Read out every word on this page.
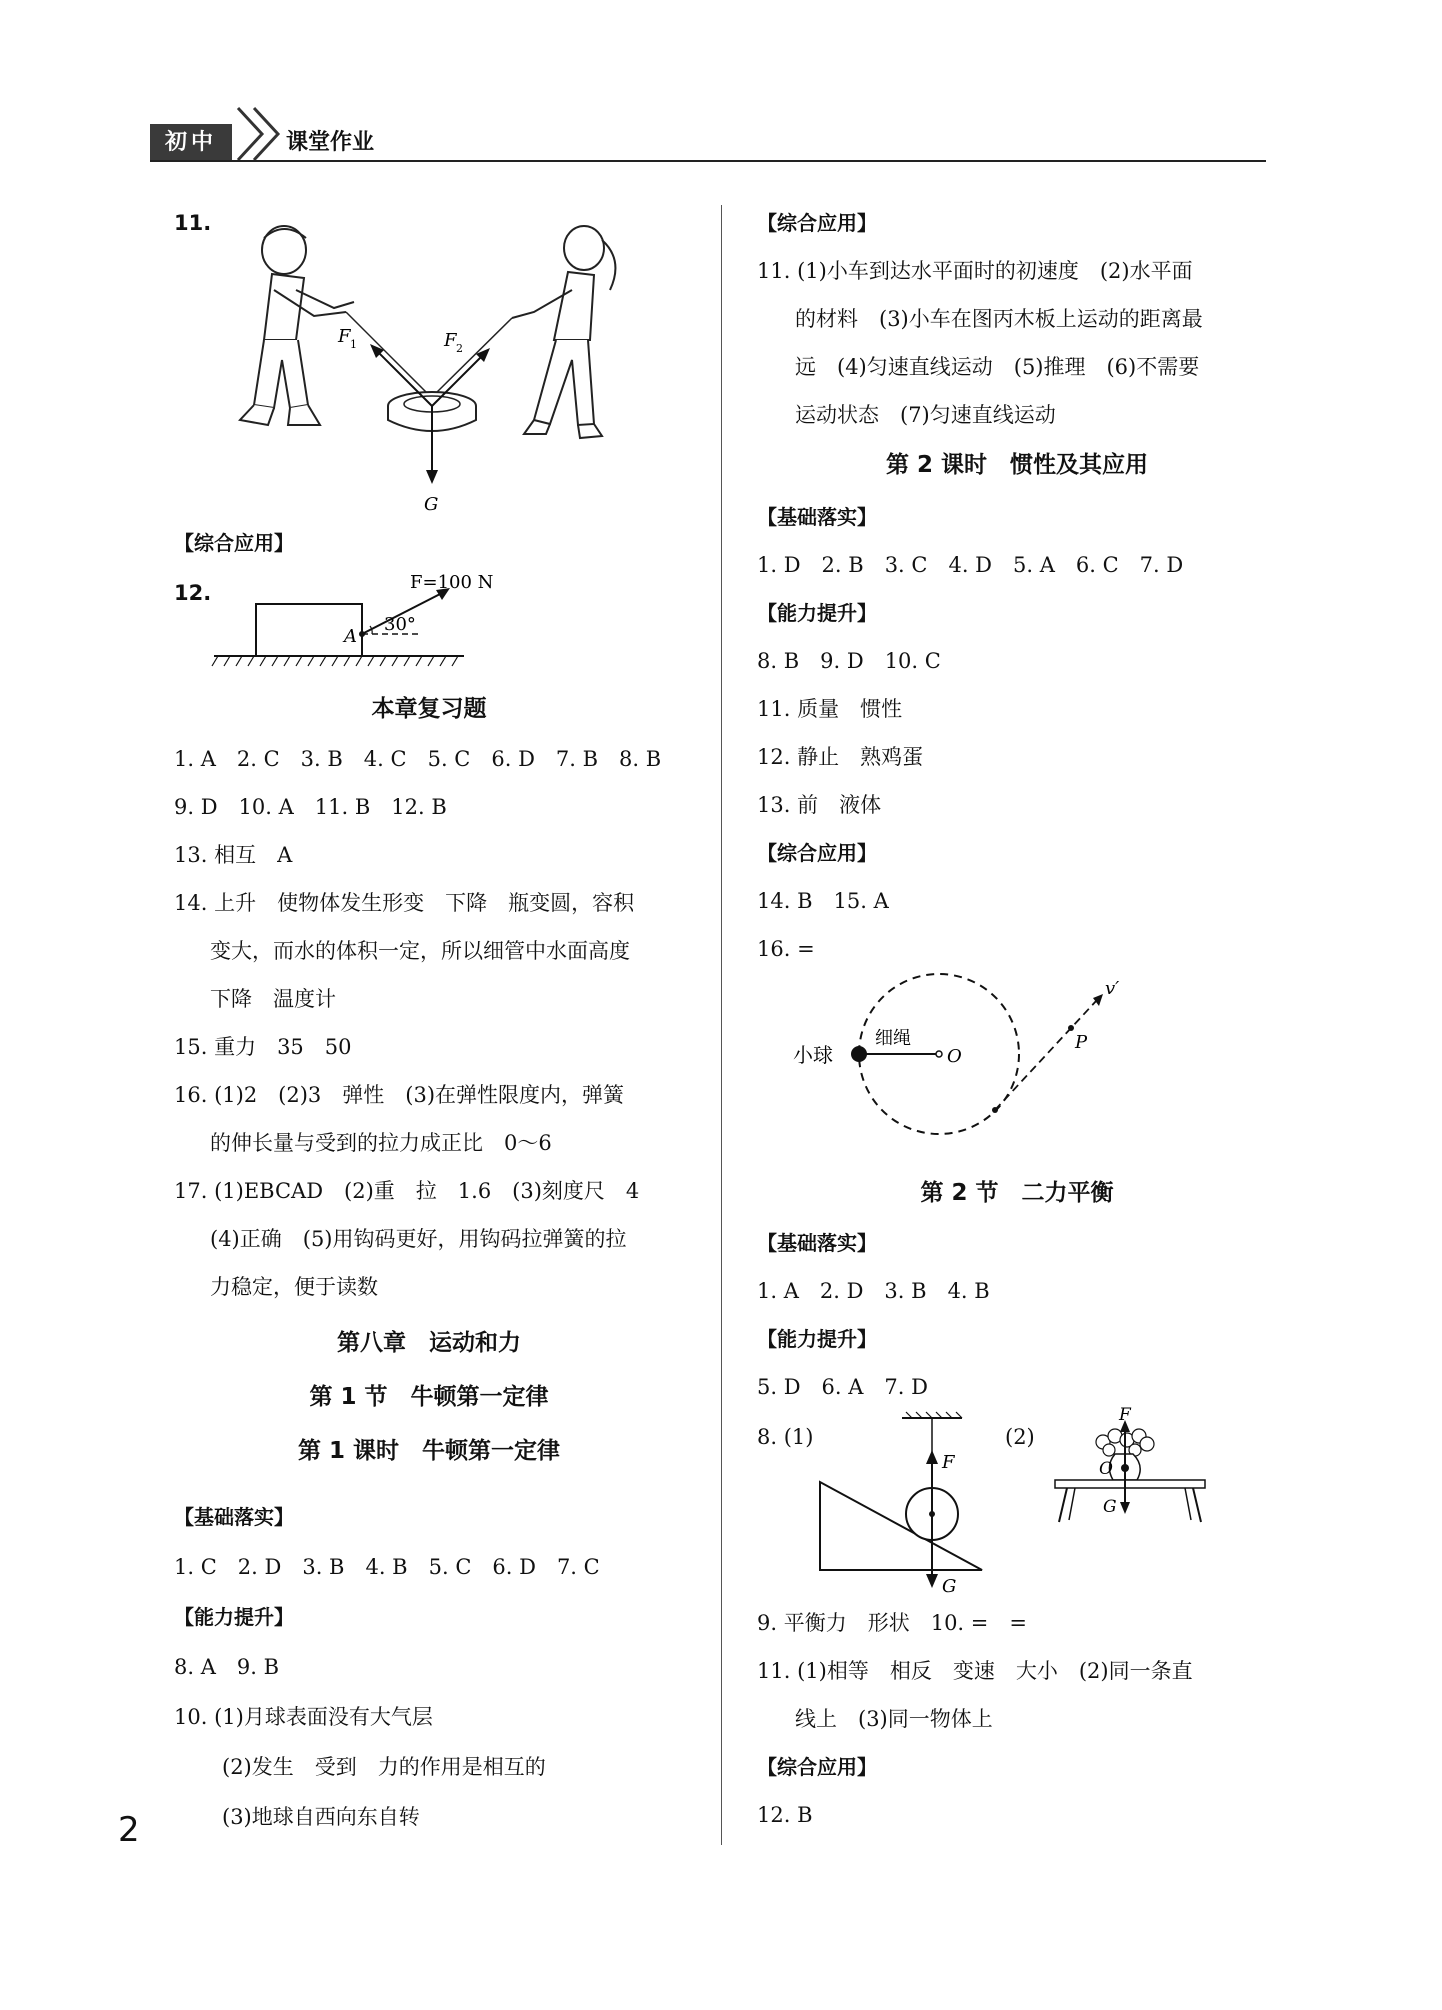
初中	课堂作业
11.
F 1	F 2
G
【综合应用】
12.
30°
A
F=100 N
本章复习题
1. A　2. C　3. B　4. C　5. C　6. D　7. B　8. B
9. D　10. A　11. B　12. B
13. 相互　A
14. 上升　使物体发生形变　下降　瓶变圆，容积
变大，而水的体积一定，所以细管中水面高度
下降　温度计
15. 重力　35　50
16. (1)2　(2)3　弹性　(3)在弹性限度内，弹簧
的伸长量与受到的拉力成正比　0～6
17. (1)EBCAD　(2)重　拉　1.6　(3)刻度尺　4
(4)正确　(5)用钩码更好，用钩码拉弹簧的拉
力稳定，便于读数
第八章　运动和力
第 1 节　牛顿第一定律
第 1 课时　牛顿第一定律
【基础落实】
1. C　2. D　3. B　4. B　5. C　6. D　7. C
【能力提升】
8. A　9. B
10. (1)月球表面没有大气层
(2)发生　受到　力的作用是相互的
(3)地球自西向东自转
【综合应用】
11. (1)小车到达水平面时的初速度　(2)水平面
的材料　(3)小车在图丙木板上运动的距离最
远　(4)匀速直线运动　(5)推理　(6)不需要
运动状态　(7)匀速直线运动
第 2 课时　惯性及其应用
【基础落实】
1. D　2. B　3. C　4. D　5. A　6. C　7. D
【能力提升】
8. B　9. D　10. C
11. 质量　惯性
12. 静止　熟鸡蛋
13. 前　液体
【综合应用】
14. B　15. A
16. =
小球
细绳
O
P
v′
第 2 节　二力平衡
【基础落实】
1. A　2. D　3. B　4. B
【能力提升】
5. D　6. A　7. D
8. (1)
F
G
(2)
F
O
G
9. 平衡力　形状　10. =　=
11. (1)相等　相反　变速　大小　(2)同一条直
线上　(3)同一物体上
【综合应用】
12. B
2
